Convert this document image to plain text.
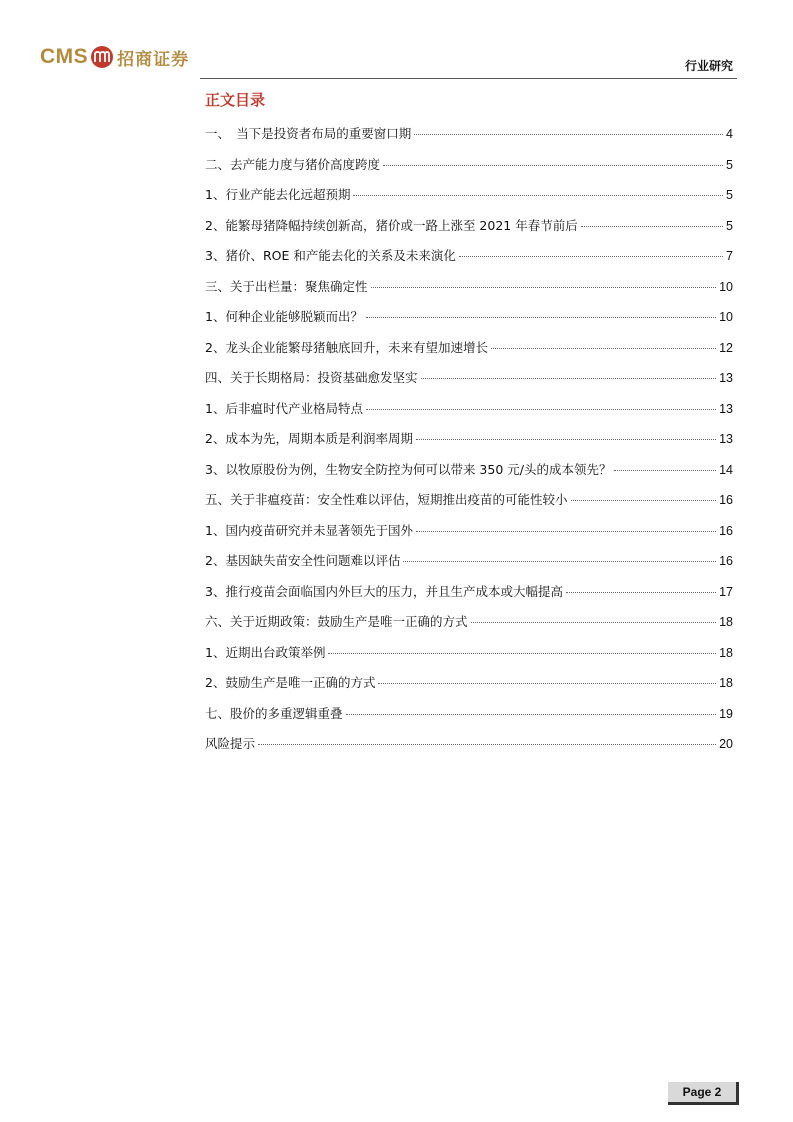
CMS 招商证券	行业研究
正文目录
一、　当下是投资者布局的重要窗口期	4
二、去产能力度与猪价高度跨度	5
1、行业产能去化远超预期	5
2、能繁母猪降幅持续创新高，猪价或一路上涨至 2021 年春节前后	5
3、猪价、ROE 和产能去化的关系及未来演化	7
三、关于出栏量：聚焦确定性	10
1、何种企业能够脱颖而出？	10
2、龙头企业能繁母猪触底回升，未来有望加速增长	12
四、关于长期格局：投资基础愈发坚实	13
1、后非瘟时代产业格局特点	13
2、成本为先，周期本质是利润率周期	13
3、以牧原股份为例，生物安全防控为何可以带来 350 元/头的成本领先？	14
五、关于非瘟疫苗：安全性难以评估，短期推出疫苗的可能性较小	16
1、国内疫苗研究并未显著领先于国外	16
2、基因缺失苗安全性问题难以评估	16
3、推行疫苗会面临国内外巨大的压力，并且生产成本或大幅提高	17
六、关于近期政策：鼓励生产是唯一正确的方式	18
1、近期出台政策举例	18
2、鼓励生产是唯一正确的方式	18
七、股价的多重逻辑重叠	19
风险提示	20
Page 2
